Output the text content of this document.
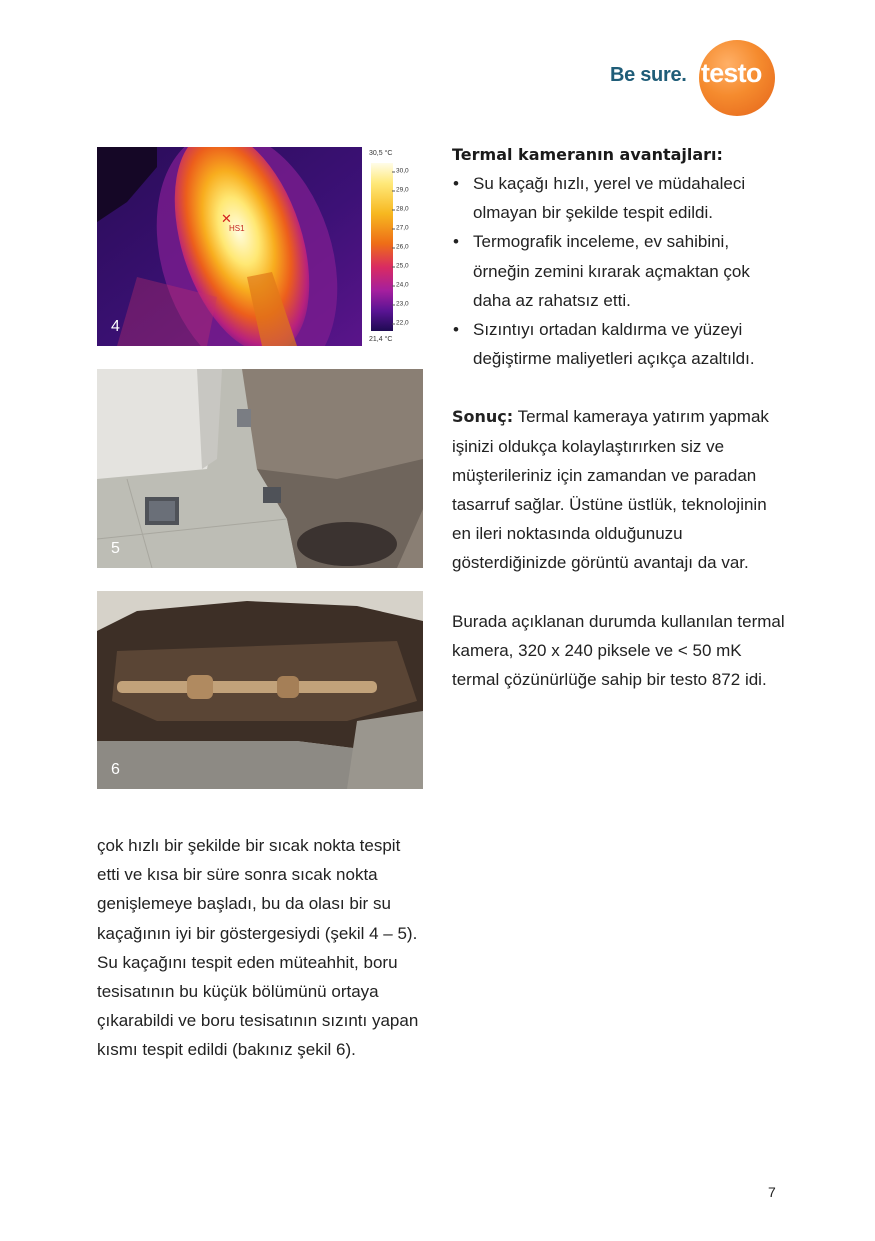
Be sure. testo
✕
HS1
30,5 °C
30,0
29,0
28,0
27,0
26,0
25,0
24,0
23,0
22,0
21,4 °C
4
5
6

çok hızlı bir şekilde bir sıcak nokta tespit etti ve kısa bir süre sonra sıcak nokta genişlemeye başladı, bu da olası bir su kaçağının iyi bir göstergesiydi (şekil 4 – 5). Su kaçağını tespit eden müteahhit, boru tesisatının bu küçük bölümünü ortaya çıkarabildi ve boru tesisatının sızıntı yapan kısmı tespit edildi (bakınız şekil 6).

Termal kameranın avantajları:
• Su kaçağı hızlı, yerel ve müdahaleci olmayan bir şekilde tespit edildi.
• Termografik inceleme, ev sahibini, örneğin zemini kırarak açmaktan çok daha az rahatsız etti.
• Sızıntıyı ortadan kaldırma ve yüzeyi değiştirme maliyetleri açıkça azaltıldı.

Sonuç: Termal kameraya yatırım yapmak işinizi oldukça kolaylaştırırken siz ve müşterileriniz için zamandan ve paradan tasarruf sağlar. Üstüne üstlük, teknolojinin en ileri noktasında olduğunuzu gösterdiğinizde görüntü avantajı da var.

Burada açıklanan durumda kullanılan termal kamera, 320 x 240 piksele ve < 50 mK termal çözünürlüğe sahip bir testo 872 idi.

7
